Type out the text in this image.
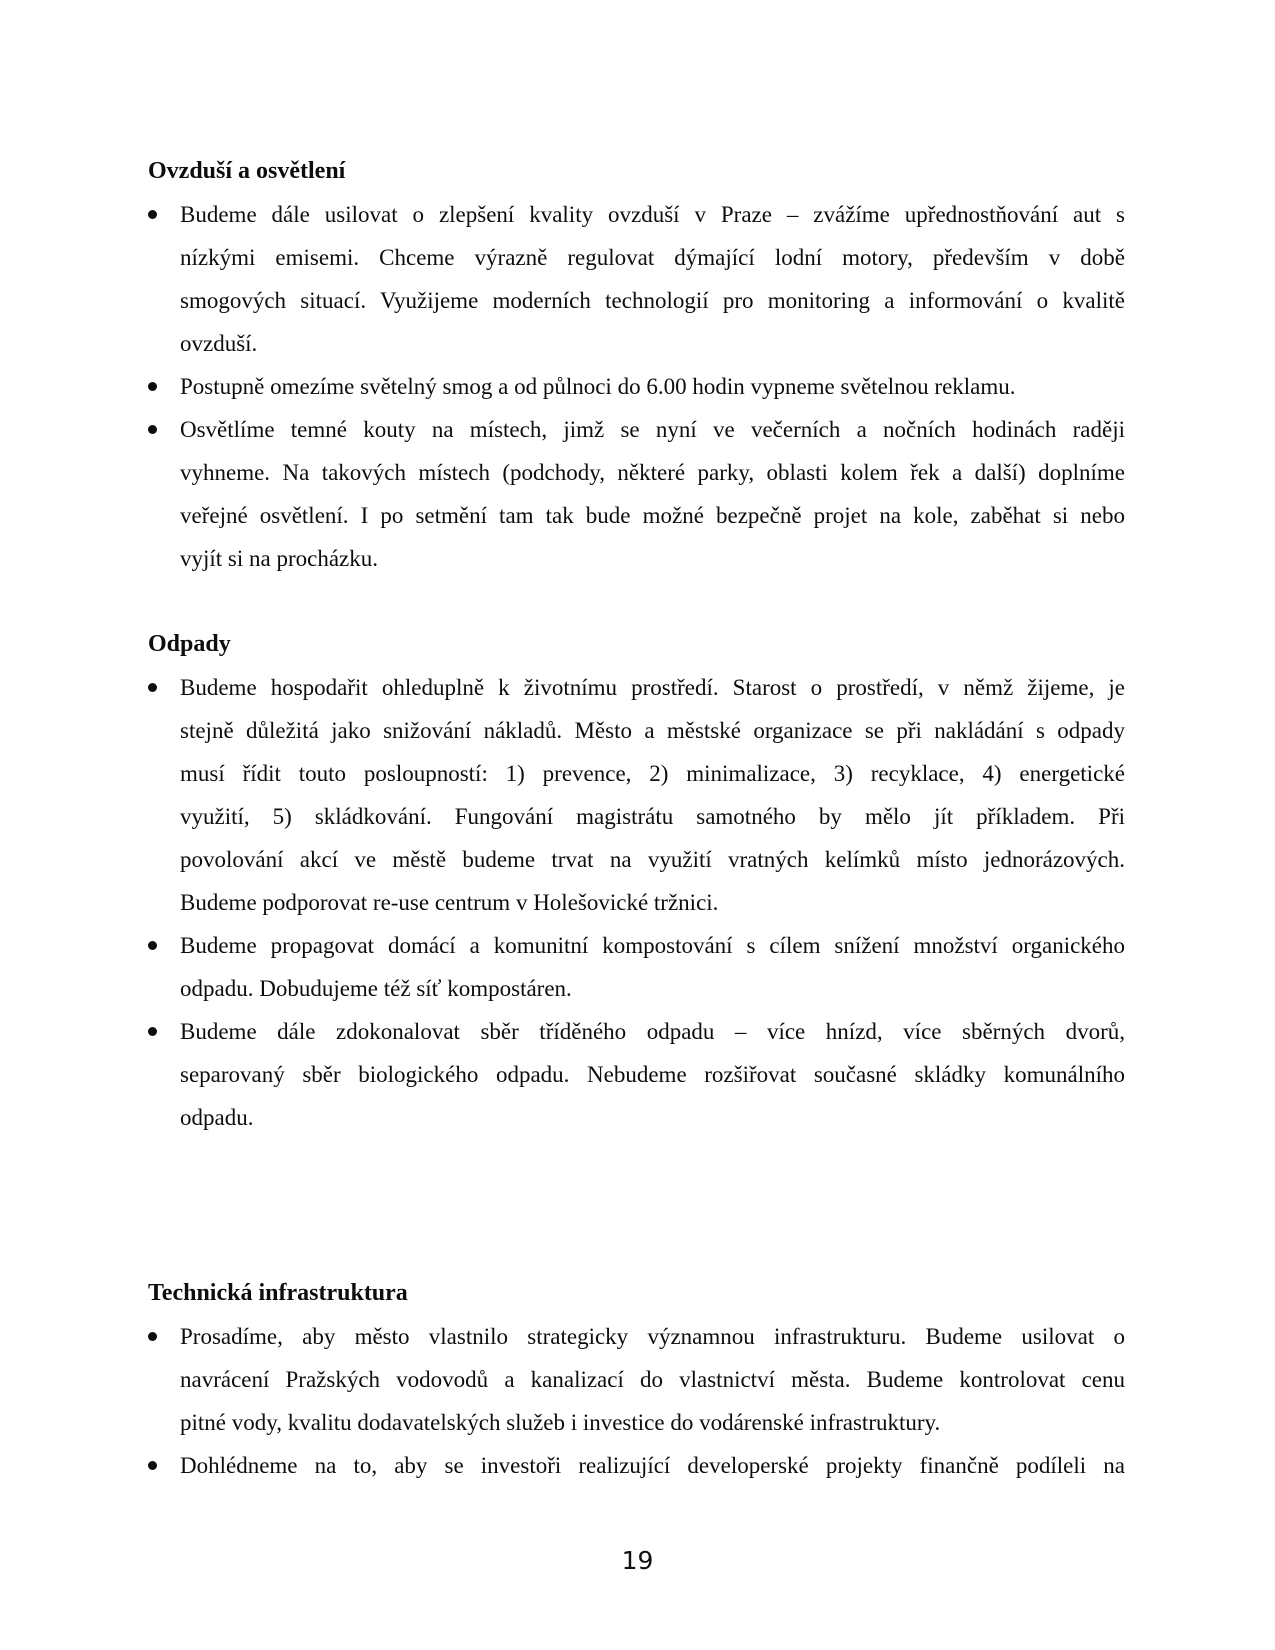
Ovzduší a osvětlení
Budeme dále usilovat o zlepšení kvality ovzduší v Praze – zvážíme upřednostňování aut s
nízkými emisemi. Chceme výrazně regulovat dýmající lodní motory, především v době
smogových situací. Využijeme moderních technologií pro monitoring a informování o kvalitě
ovzduší.
Postupně omezíme světelný smog a od půlnoci do 6.00 hodin vypneme světelnou reklamu.
Osvětlíme temné kouty na místech, jimž se nyní ve večerních a nočních hodinách raději
vyhneme. Na takových místech (podchody, některé parky, oblasti kolem řek a další) doplníme
veřejné osvětlení. I po setmění tam tak bude možné bezpečně projet na kole, zaběhat si nebo
vyjít si na procházku.
Odpady
Budeme hospodařit ohleduplně k životnímu prostředí. Starost o prostředí, v němž žijeme, je
stejně důležitá jako snižování nákladů. Město a městské organizace se při nakládání s odpady
musí řídit touto posloupností: 1) prevence, 2) minimalizace, 3) recyklace, 4) energetické
využití, 5) skládkování. Fungování magistrátu samotného by mělo jít příkladem. Při
povolování akcí ve městě budeme trvat na využití vratných kelímků místo jednorázových.
Budeme podporovat re-use centrum v Holešovické tržnici.
Budeme propagovat domácí a komunitní kompostování s cílem snížení množství organického
odpadu. Dobudujeme též síť kompostáren.
Budeme dále zdokonalovat sběr tříděného odpadu – více hnízd, více sběrných dvorů,
separovaný sběr biologického odpadu. Nebudeme rozšiřovat současné skládky komunálního
odpadu.
Technická infrastruktura
Prosadíme, aby město vlastnilo strategicky významnou infrastrukturu. Budeme usilovat o
navrácení Pražských vodovodů a kanalizací do vlastnictví města. Budeme kontrolovat cenu
pitné vody, kvalitu dodavatelských služeb i investice do vodárenské infrastruktury.
Dohlédneme na to, aby se investoři realizující developerské projekty finančně podíleli na
19
